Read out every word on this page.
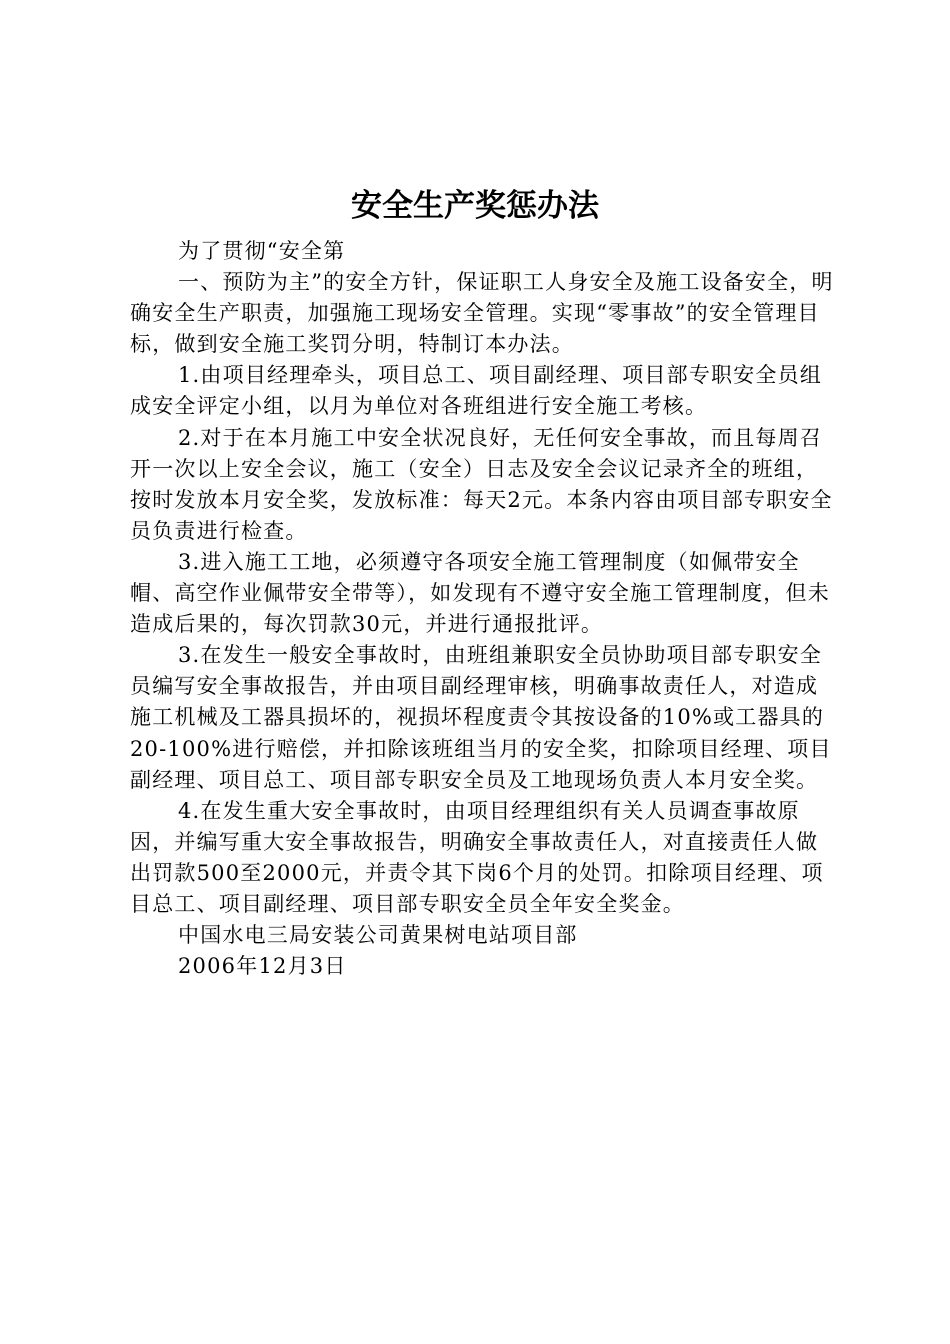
安全生产奖惩办法

为了贯彻“安全第

一、预防为主”的安全方针，保证职工人身安全及施工设备安全，明确安全生产职责，加强施工现场安全管理。实现“零事故”的安全管理目标，做到安全施工奖罚分明，特制订本办法。

1.由项目经理牵头，项目总工、项目副经理、项目部专职安全员组成安全评定小组，以月为单位对各班组进行安全施工考核。

2.对于在本月施工中安全状况良好，无任何安全事故，而且每周召开一次以上安全会议，施工（安全）日志及安全会议记录齐全的班组，按时发放本月安全奖，发放标准：每天2元。本条内容由项目部专职安全员负责进行检查。

3.进入施工工地，必须遵守各项安全施工管理制度（如佩带安全帽、高空作业佩带安全带等），如发现有不遵守安全施工管理制度，但未造成后果的，每次罚款30元，并进行通报批评。

3.在发生一般安全事故时，由班组兼职安全员协助项目部专职安全员编写安全事故报告，并由项目副经理审核，明确事故责任人，对造成施工机械及工器具损坏的，视损坏程度责令其按设备的10%或工器具的20-100%进行赔偿，并扣除该班组当月的安全奖，扣除项目经理、项目副经理、项目总工、项目部专职安全员及工地现场负责人本月安全奖。

4.在发生重大安全事故时，由项目经理组织有关人员调查事故原因，并编写重大安全事故报告，明确安全事故责任人，对直接责任人做出罚款500至2000元，并责令其下岗6个月的处罚。扣除项目经理、项目总工、项目副经理、项目部专职安全员全年安全奖金。

中国水电三局安装公司黄果树电站项目部

2006年12月3日
